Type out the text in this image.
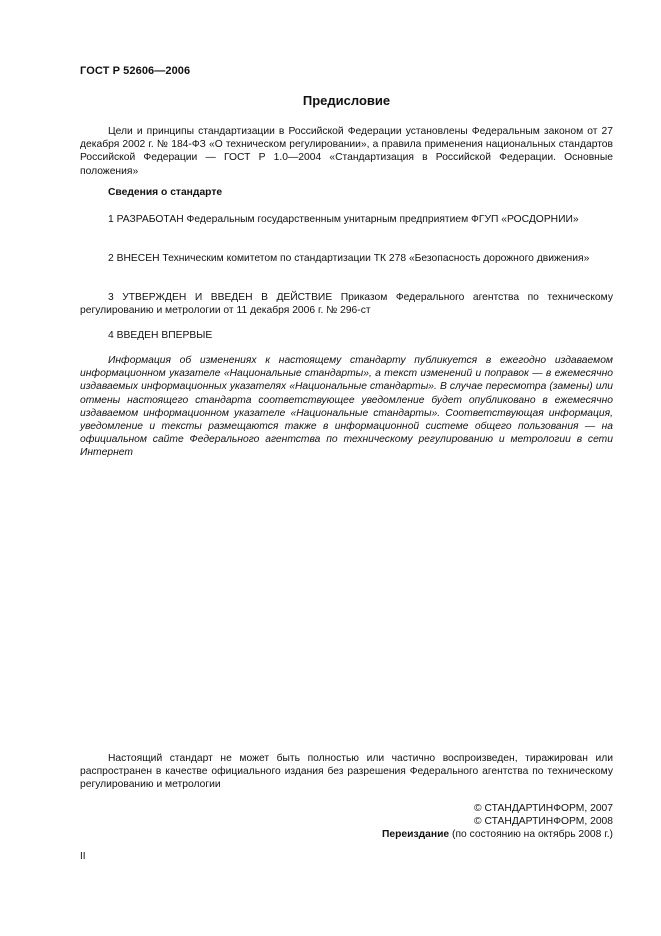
ГОСТ Р 52606—2006
Предисловие

Цели и принципы стандартизации в Российской Федерации установлены Федеральным законом от 27 декабря 2002 г. № 184-ФЗ «О техническом регулировании», а правила применения национальных стандартов Российской Федерации — ГОСТ Р 1.0—2004 «Стандартизация в Российской Федерации. Основные положения»

Сведения о стандарте

1 РАЗРАБОТАН Федеральным государственным унитарным предприятием ФГУП «РОСДОРНИИ»

2 ВНЕСЕН Техническим комитетом по стандартизации ТК 278 «Безопасность дорожного движения»

3 УТВЕРЖДЕН И ВВЕДЕН В ДЕЙСТВИЕ Приказом Федерального агентства по техническому регулированию и метрологии от 11 декабря 2006 г. № 296-ст

4 ВВЕДЕН ВПЕРВЫЕ

Информация об изменениях к настоящему стандарту публикуется в ежегодно издаваемом информационном указателе «Национальные стандарты», а текст изменений и поправок — в ежемесячно издаваемых информационных указателях «Национальные стандарты». В случае пересмотра (замены) или отмены настоящего стандарта соответствующее уведомление будет опубликовано в ежемесячно издаваемом информационном указателе «Национальные стандарты». Соответствующая информация, уведомление и тексты размещаются также в информационной системе общего пользования — на официальном сайте Федерального агентства по техническому регулированию и метрологии в сети Интернет

Настоящий стандарт не может быть полностью или частично воспроизведен, тиражирован или распространен в качестве официального издания без разрешения Федерального агентства по техническому регулированию и метрологии

© СТАНДАРТИНФОРМ, 2007
© СТАНДАРТИНФОРМ, 2008
Переиздание (по состоянию на октябрь 2008 г.)
II
